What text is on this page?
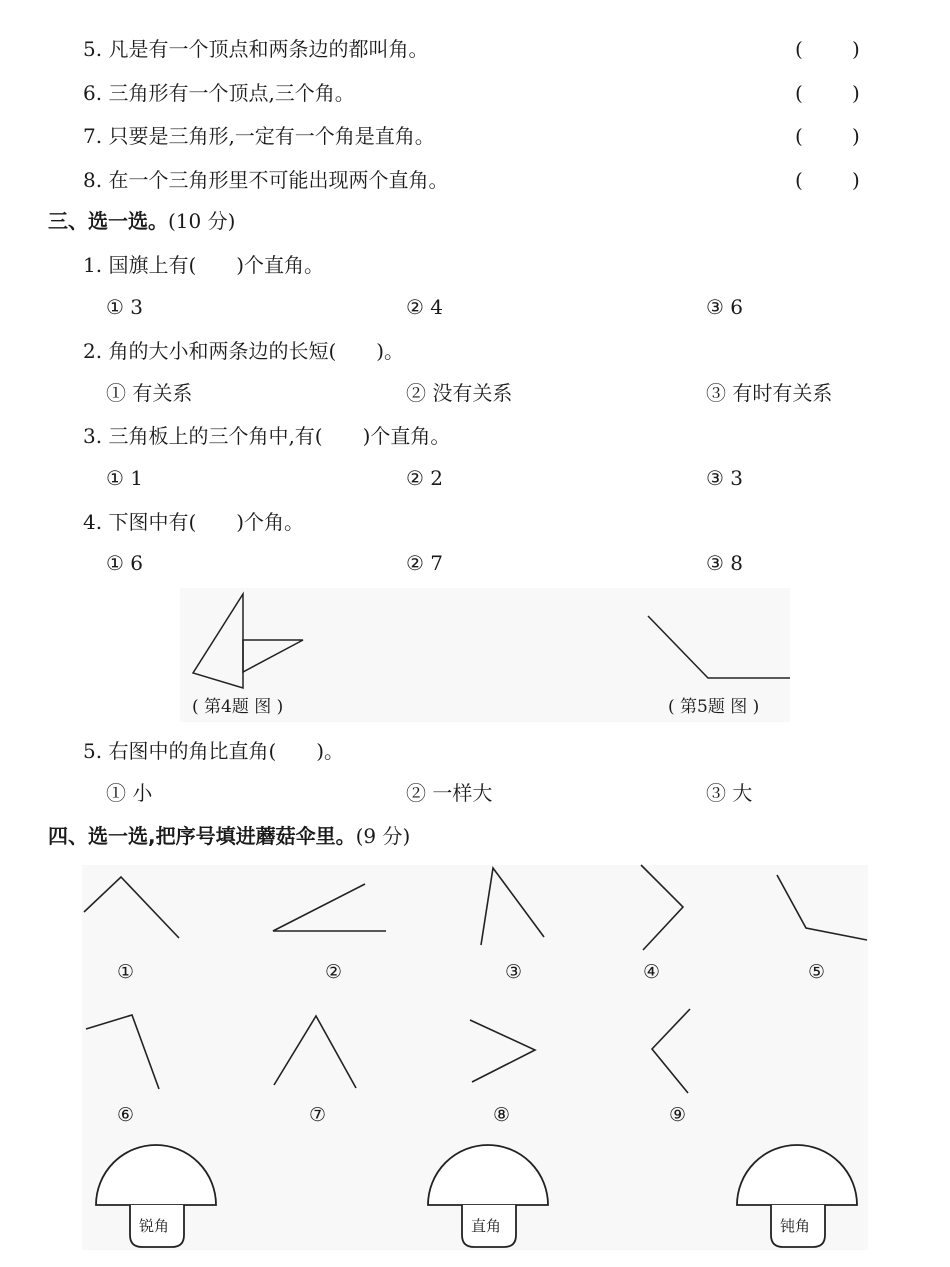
5. 凡是有一个顶点和两条边的都叫角。	( )
6. 三角形有一个顶点,三个角。	( )
7. 只要是三角形,一定有一个角是直角。	( )
8. 在一个三角形里不可能出现两个直角。	( )
三、选一选。(10 分)
1. 国旗上有(　　)个直角。
① 3	② 4	③ 6
2. 角的大小和两条边的长短(　　)。
① 有关系	② 没有关系	③ 有时有关系
3. 三角板上的三个角中,有(　　)个直角。
① 1	② 2	③ 3
4. 下图中有(　　)个角。
① 6	② 7	③ 8
( 第4题 图 )	( 第5题 图 )
5. 右图中的角比直角(　　)。
① 小	② 一样大	③ 大
四、选一选,把序号填进蘑菇伞里。(9 分)
①	②	③	④	⑤
⑥	⑦	⑧	⑨
锐角	直角	钝角
